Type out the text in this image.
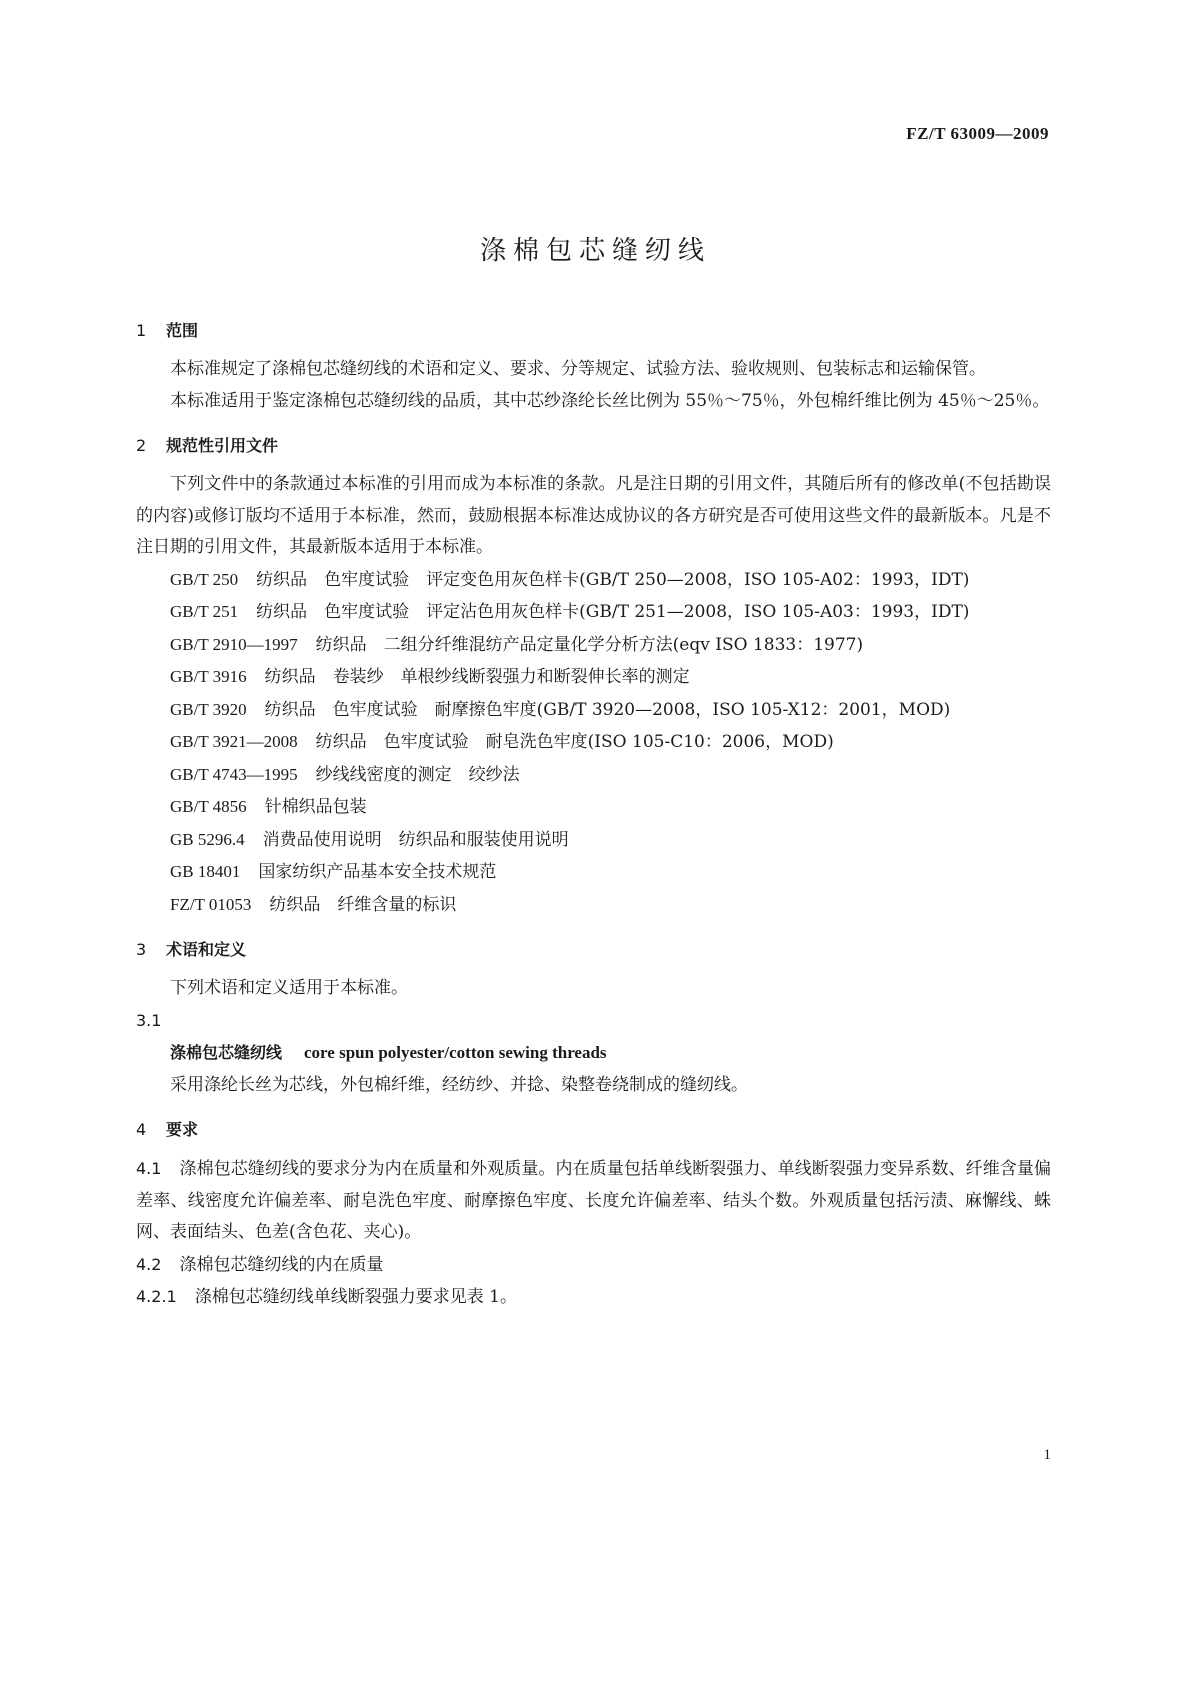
FZ/T 63009—2009
涤棉包芯缝纫线

1 范围

本标准规定了涤棉包芯缝纫线的术语和定义、要求、分等规定、试验方法、验收规则、包装标志和运输保管。

本标准适用于鉴定涤棉包芯缝纫线的品质，其中芯纱涤纶长丝比例为 55％～75％，外包棉纤维比例为 45％～25％。

2 规范性引用文件

下列文件中的条款通过本标准的引用而成为本标准的条款。凡是注日期的引用文件，其随后所有的修改单(不包括勘误的内容)或修订版均不适用于本标准，然而，鼓励根据本标准达成协议的各方研究是否可使用这些文件的最新版本。凡是不注日期的引用文件，其最新版本适用于本标准。

GB/T 250 纺织品　色牢度试验　评定变色用灰色样卡(GB/T 250—2008，ISO 105-A02：1993，IDT)

GB/T 251 纺织品　色牢度试验　评定沾色用灰色样卡(GB/T 251—2008，ISO 105-A03：1993，IDT)

GB/T 2910—1997 纺织品　二组分纤维混纺产品定量化学分析方法(eqv ISO 1833：1977)

GB/T 3916 纺织品　卷装纱　单根纱线断裂强力和断裂伸长率的测定

GB/T 3920 纺织品　色牢度试验　耐摩擦色牢度(GB/T 3920—2008，ISO 105-X12：2001，MOD)

GB/T 3921—2008 纺织品　色牢度试验　耐皂洗色牢度(ISO 105-C10：2006，MOD)

GB/T 4743—1995 纱线线密度的测定　绞纱法

GB/T 4856 针棉织品包装

GB 5296.4 消费品使用说明　纺织品和服装使用说明

GB 18401 国家纺织产品基本安全技术规范

FZ/T 01053 纺织品　纤维含量的标识

3 术语和定义

下列术语和定义适用于本标准。

3.1

涤棉包芯缝纫线 core spun polyester/cotton sewing threads

采用涤纶长丝为芯线，外包棉纤维，经纺纱、并捻、染整卷绕制成的缝纫线。

4 要求

4.1 涤棉包芯缝纫线的要求分为内在质量和外观质量。内在质量包括单线断裂强力、单线断裂强力变异系数、纤维含量偏差率、线密度允许偏差率、耐皂洗色牢度、耐摩擦色牢度、长度允许偏差率、结头个数。外观质量包括污渍、麻懈线、蛛网、表面结头、色差(含色花、夹心)。

4.2 涤棉包芯缝纫线的内在质量

4.2.1 涤棉包芯缝纫线单线断裂强力要求见表 1。

1
